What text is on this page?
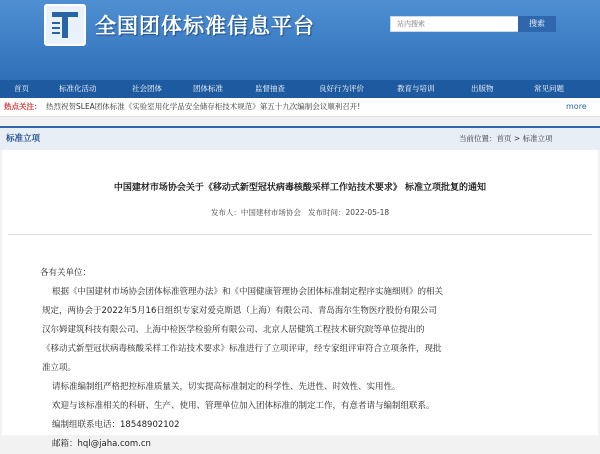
全国团体标准信息平台
站内搜索	搜索
首页	标准化活动	社会团体	团体标准	监督抽查	良好行为评价	教育与培训	出版物	常见问题
热点关注： 热烈祝贺SLEA团体标准《实验室用化学品安全储存柜技术规范》第五十九次编制会议顺利召开!	more
标准立项	当前位置：首页 > 标准立项
中国建材市场协会关于《移动式新型冠状病毒核酸采样工作站技术要求》 标准立项批复的通知
发布人：中国建材市场协会 发布时间：2022-05-18

各有关单位：

根据《中国建材市场协会团体标准管理办法》和《中国健康管理协会团体标准制定程序实施细则》的相关

规定，两协会于2022年5月16日组织专家对爱克斯恩（上海）有限公司、青岛海尔生物医疗股份有限公司

汉尔姆建筑科技有限公司、上海中检医学检验所有限公司、北京人居健筑工程技术研究院等单位提出的

《移动式新型冠状病毒核酸采样工作站技术要求》标准进行了立项评审，经专家组评审符合立项条件，现批

准立项。

请标准编制组严格把控标准质量关，切实提高标准制定的科学性、先进性、时效性、实用性。

欢迎与该标准相关的科研、生产、使用、管理单位加入团体标准的制定工作，有意者请与编制组联系。

编制组联系电话：18548902102

邮箱：hql@jaha.com.cn
